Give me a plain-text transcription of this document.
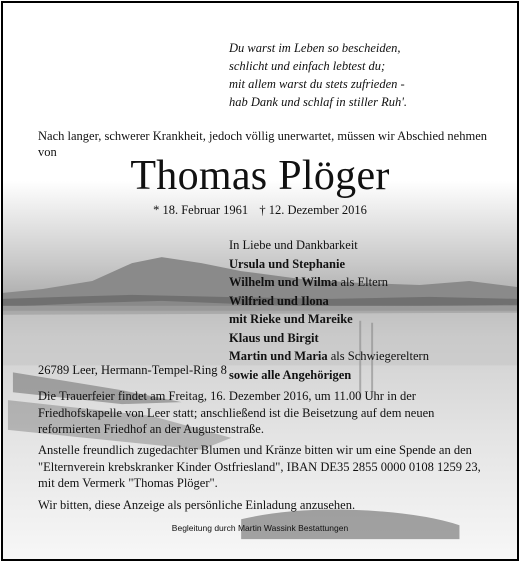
Du warst im Leben so bescheiden,
schlicht und einfach lebtest du;
mit allem warst du stets zufrieden -
hab Dank und schlaf in stiller Ruh'.
Nach langer, schwerer Krankheit, jedoch völlig unerwartet, müssen wir Abschied nehmen von
Thomas Plöger
* 18. Februar 1961 † 12. Dezember 2016
In Liebe und Dankbarkeit
Ursula und Stephanie
Wilhelm und Wilma als Eltern
Wilfried und Ilona
mit Rieke und Mareike
Klaus und Birgit
Martin und Maria als Schwiegereltern
sowie alle Angehörigen
26789 Leer, Hermann-Tempel-Ring 8
Die Trauerfeier findet am Freitag, 16. Dezember 2016, um 11.00 Uhr in der Friedhofskapelle von Leer statt; anschließend ist die Beisetzung auf dem neuen reformierten Friedhof an der Augustenstraße.
Anstelle freundlich zugedachter Blumen und Kränze bitten wir um eine Spende an den "Elternverein krebskranker Kinder Ostfriesland", IBAN DE35 2855 0000 0108 1259 23, mit dem Vermerk "Thomas Plöger".
Wir bitten, diese Anzeige als persönliche Einladung anzusehen.
Begleitung durch Martin Wassink Bestattungen
